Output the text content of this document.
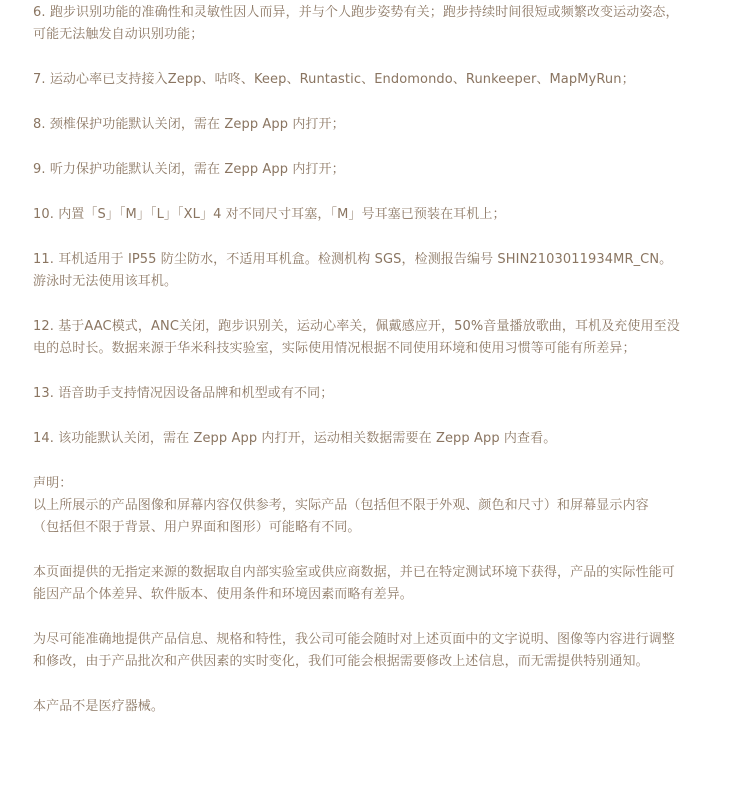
6. 跑步识别功能的准确性和灵敏性因人而异，并与个人跑步姿势有关；跑步持续时间很短或频繁改变运动姿态，
可能无法触发自动识别功能；

7. 运动心率已支持接入Zepp、咕咚、Keep、Runtastic、Endomondo、Runkeeper、MapMyRun；

8. 颈椎保护功能默认关闭，需在 Zepp App 内打开；

9. 听力保护功能默认关闭，需在 Zepp App 内打开；

10. 内置「S」「M」「L」「XL」4 对不同尺寸耳塞，「M」号耳塞已预装在耳机上；

11. 耳机适用于 IP55 防尘防水，不适用耳机盒。检测机构 SGS，检测报告编号 SHIN2103011934MR_CN。
游泳时无法使用该耳机。

12. 基于AAC模式，ANC关闭，跑步识别关，运动心率关，佩戴感应开，50%音量播放歌曲，耳机及充使用至没
电的总时长。数据来源于华米科技实验室，实际使用情况根据不同使用环境和使用习惯等可能有所差异；

13. 语音助手支持情况因设备品牌和机型或有不同；

14. 该功能默认关闭，需在 Zepp App 内打开，运动相关数据需要在 Zepp App 内查看。

声明：
以上所展示的产品图像和屏幕内容仅供参考，实际产品（包括但不限于外观、颜色和尺寸）和屏幕显示内容
（包括但不限于背景、用户界面和图形）可能略有不同。

本页面提供的无指定来源的数据取自内部实验室或供应商数据，并已在特定测试环境下获得，产品的实际性能可
能因产品个体差异、软件版本、使用条件和环境因素而略有差异。

为尽可能准确地提供产品信息、规格和特性，我公司可能会随时对上述页面中的文字说明、图像等内容进行调整
和修改，由于产品批次和产供因素的实时变化，我们可能会根据需要修改上述信息，而无需提供特别通知。

本产品不是医疗器械。
